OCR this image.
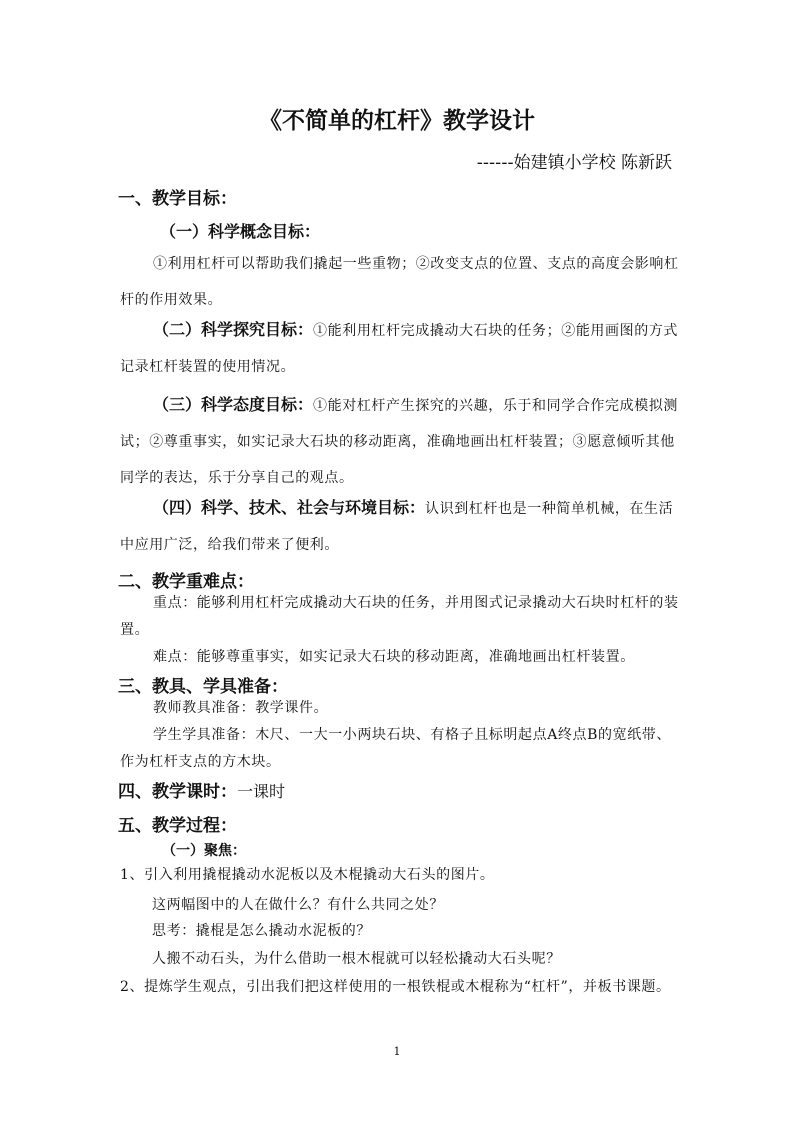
《不简单的杠杆》教学设计
------始建镇小学校 陈新跃
一、教学目标：
（一）科学概念目标：
①利用杠杆可以帮助我们撬起一些重物；②改变支点的位置、支点的高度会影响杠杆的作用效果。
（二）科学探究目标：①能利用杠杆完成撬动大石块的任务；②能用画图的方式记录杠杆装置的使用情况。
（三）科学态度目标：①能对杠杆产生探究的兴趣，乐于和同学合作完成模拟测试；②尊重事实，如实记录大石块的移动距离，准确地画出杠杆装置；③愿意倾听其他同学的表达，乐于分享自己的观点。
（四）科学、技术、社会与环境目标：认识到杠杆也是一种简单机械，在生活中应用广泛，给我们带来了便利。
二、教学重难点：
重点：能够利用杠杆完成撬动大石块的任务，并用图式记录撬动大石块时杠杆的装置。
难点：能够尊重事实，如实记录大石块的移动距离，准确地画出杠杆装置。
三、教具、学具准备：
教师教具准备：教学课件。
学生学具准备：木尺、一大一小两块石块、有格子且标明起点A终点B的宽纸带、作为杠杆支点的方木块。
四、教学课时：一课时
五、教学过程：
（一）聚焦：
1、引入利用撬棍撬动水泥板以及木棍撬动大石头的图片。
这两幅图中的人在做什么？有什么共同之处？
思考：撬棍是怎么撬动水泥板的？
人搬不动石头，为什么借助一根木棍就可以轻松撬动大石头呢？
2、提炼学生观点，引出我们把这样使用的一根铁棍或木棍称为“杠杆”，并板书课题。
1
